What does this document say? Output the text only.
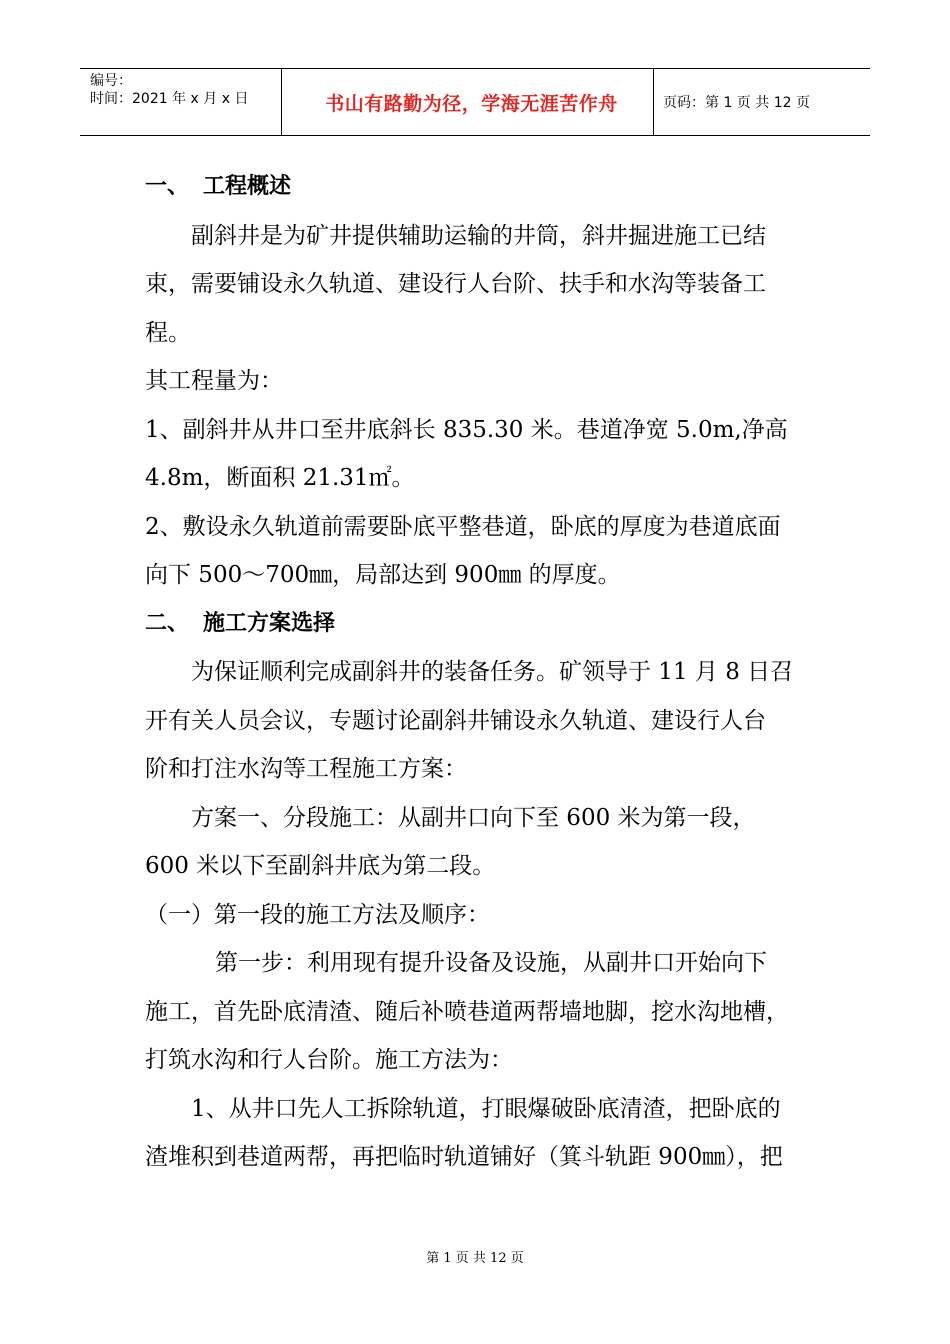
编号：
时间：2021 年 x 月 x 日	书山有路勤为径，学海无涯苦作舟	页码：第 1 页 共 12 页
一、 工程概述
副斜井是为矿井提供辅助运输的井筒，斜井掘进施工已结
束，需要铺设永久轨道、建设行人台阶、扶手和水沟等装备工
程。
其工程量为：
1、副斜井从井口至井底斜长 835.30 米。巷道净宽 5.0m,净高
4.8m，断面积 21.31㎡。
2、敷设永久轨道前需要卧底平整巷道，卧底的厚度为巷道底面
向下 500～700㎜，局部达到 900㎜ 的厚度。
二、 施工方案选择
为保证顺利完成副斜井的装备任务。矿领导于 11 月 8 日召
开有关人员会议，专题讨论副斜井铺设永久轨道、建设行人台
阶和打注水沟等工程施工方案：
方案一、分段施工：从副井口向下至 600 米为第一段，
600 米以下至副斜井底为第二段。
（一）第一段的施工方法及顺序：
第一步：利用现有提升设备及设施，从副井口开始向下
施工，首先卧底清渣、随后补喷巷道两帮墙地脚，挖水沟地槽，
打筑水沟和行人台阶。施工方法为：
1、从井口先人工拆除轨道，打眼爆破卧底清渣，把卧底的
渣堆积到巷道两帮，再把临时轨道铺好（箕斗轨距 900㎜），把
第 1 页 共 12 页
